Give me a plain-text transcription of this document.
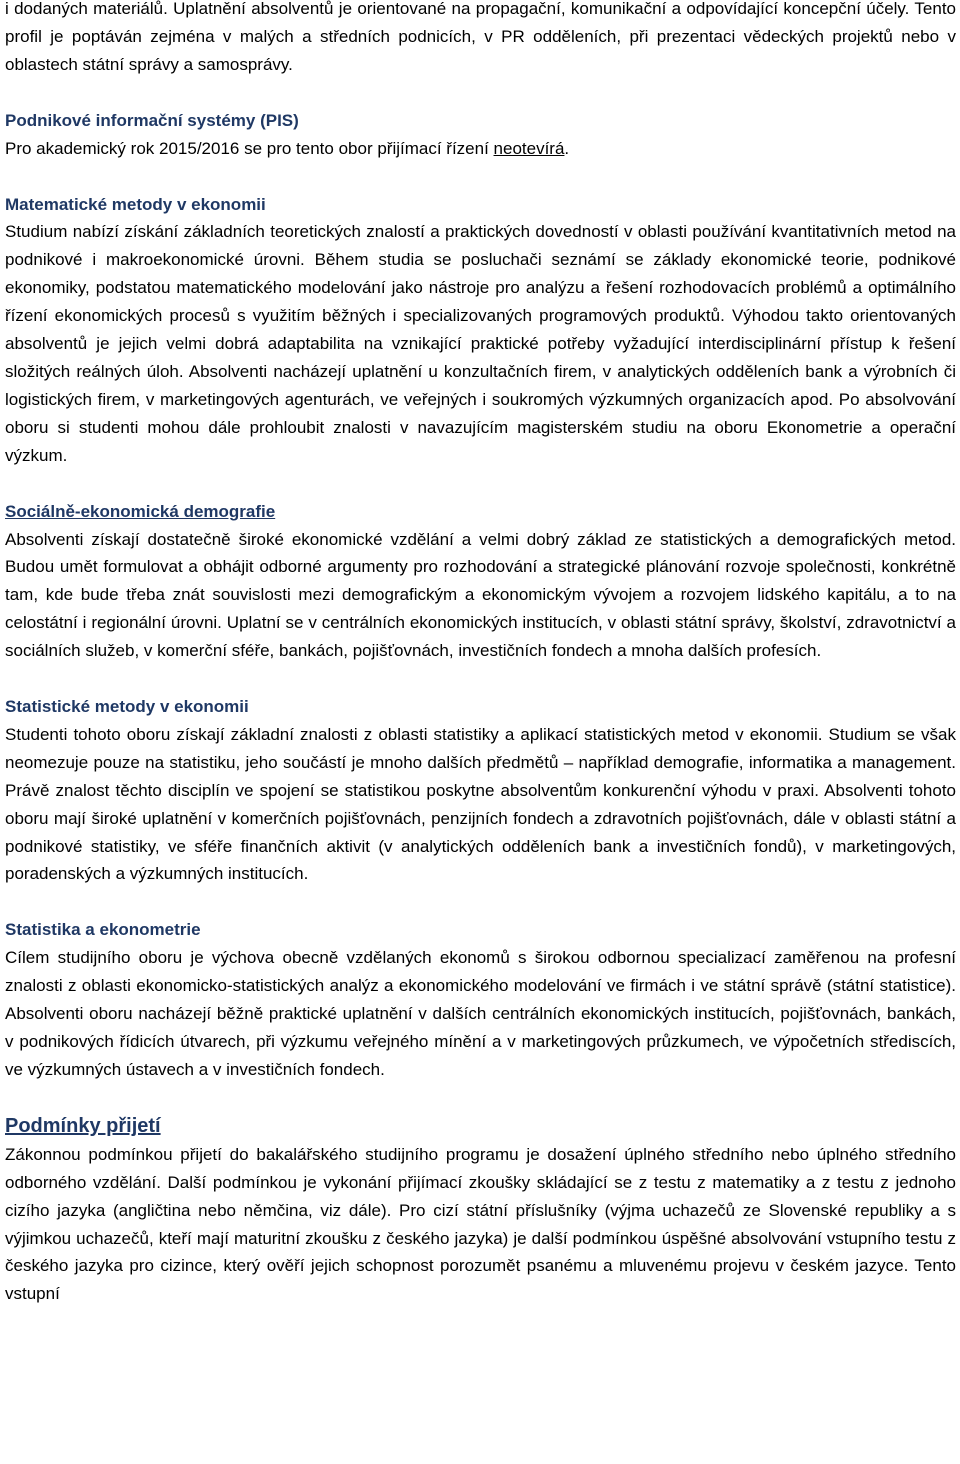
i dodaných materiálů. Uplatnění absolventů je orientované na propagační, komunikační a odpovídající koncepční účely. Tento profil je poptáván zejména v malých a středních podnicích, v PR odděleních, při prezentaci vědeckých projektů nebo v oblastech státní správy a samosprávy.

Podnikové informační systémy (PIS)

Pro akademický rok 2015/2016 se pro tento obor přijímací řízení neotevírá.

Matematické metody v ekonomii

Studium nabízí získání základních teoretických znalostí a praktických dovedností v oblasti používání kvantitativních metod na podnikové i makroekonomické úrovni. Během studia se posluchači seznámí se základy ekonomické teorie, podnikové ekonomiky, podstatou matematického modelování jako nástroje pro analýzu a řešení rozhodovacích problémů a optimálního řízení ekonomických procesů s využitím běžných i specializovaných programových produktů. Výhodou takto orientovaných absolventů je jejich velmi dobrá adaptabilita na vznikající praktické potřeby vyžadující interdisciplinární přístup k řešení složitých reálných úloh. Absolventi nacházejí uplatnění u konzultačních firem, v analytických odděleních bank a výrobních či logistických firem, v marketingových agenturách, ve veřejných i soukromých výzkumných organizacích apod. Po absolvování oboru si studenti mohou dále prohloubit znalosti v navazujícím magisterském studiu na oboru Ekonometrie a operační výzkum.

Sociálně-ekonomická demografie

Absolventi získají dostatečně široké ekonomické vzdělání a velmi dobrý základ ze statistických a demografických metod. Budou umět formulovat a obhájit odborné argumenty pro rozhodování a strategické plánování rozvoje společnosti, konkrétně tam, kde bude třeba znát souvislosti mezi demografickým a ekonomickým vývojem a rozvojem lidského kapitálu, a to na celostátní i regionální úrovni. Uplatní se v centrálních ekonomických institucích, v oblasti státní správy, školství, zdravotnictví a sociálních služeb, v komerční sféře, bankách, pojišťovnách, investičních fondech a mnoha dalších profesích.

Statistické metody v ekonomii

Studenti tohoto oboru získají základní znalosti z oblasti statistiky a aplikací statistických metod v ekonomii. Studium se však neomezuje pouze na statistiku, jeho součástí je mnoho dalších předmětů – například demografie, informatika a management. Právě znalost těchto disciplín ve spojení se statistikou poskytne absolventům konkurenční výhodu v praxi. Absolventi tohoto oboru mají široké uplatnění v komerčních pojišťovnách, penzijních fondech a zdravotních pojišťovnách, dále v oblasti státní a podnikové statistiky, ve sféře finančních aktivit (v analytických odděleních bank a investičních fondů), v marketingových, poradenských a výzkumných institucích.

Statistika a ekonometrie

Cílem studijního oboru je výchova obecně vzdělaných ekonomů s širokou odbornou specializací zaměřenou na profesní znalosti z oblasti ekonomicko-statistických analýz a ekonomického modelování ve firmách i ve státní správě (státní statistice). Absolventi oboru nacházejí běžně praktické uplatnění v dalších centrálních ekonomických institucích, pojišťovnách, bankách, v podnikových řídicích útvarech, při výzkumu veřejného mínění a v marketingových průzkumech, ve výpočetních střediscích, ve výzkumných ústavech a v investičních fondech.

Podmínky přijetí

Zákonnou podmínkou přijetí do bakalářského studijního programu je dosažení úplného středního nebo úplného středního odborného vzdělání. Další podmínkou je vykonání přijímací zkoušky skládající se z testu z matematiky a z testu z jednoho cizího jazyka (angličtina nebo němčina, viz dále). Pro cizí státní příslušníky (výjma uchazečů ze Slovenské republiky a s výjimkou uchazečů, kteří mají maturitní zkoušku z českého jazyka) je další podmínkou úspěšné absolvování vstupního testu z českého jazyka pro cizince, který ověří jejich schopnost porozumět psanému a mluvenému projevu v českém jazyce. Tento vstupní
